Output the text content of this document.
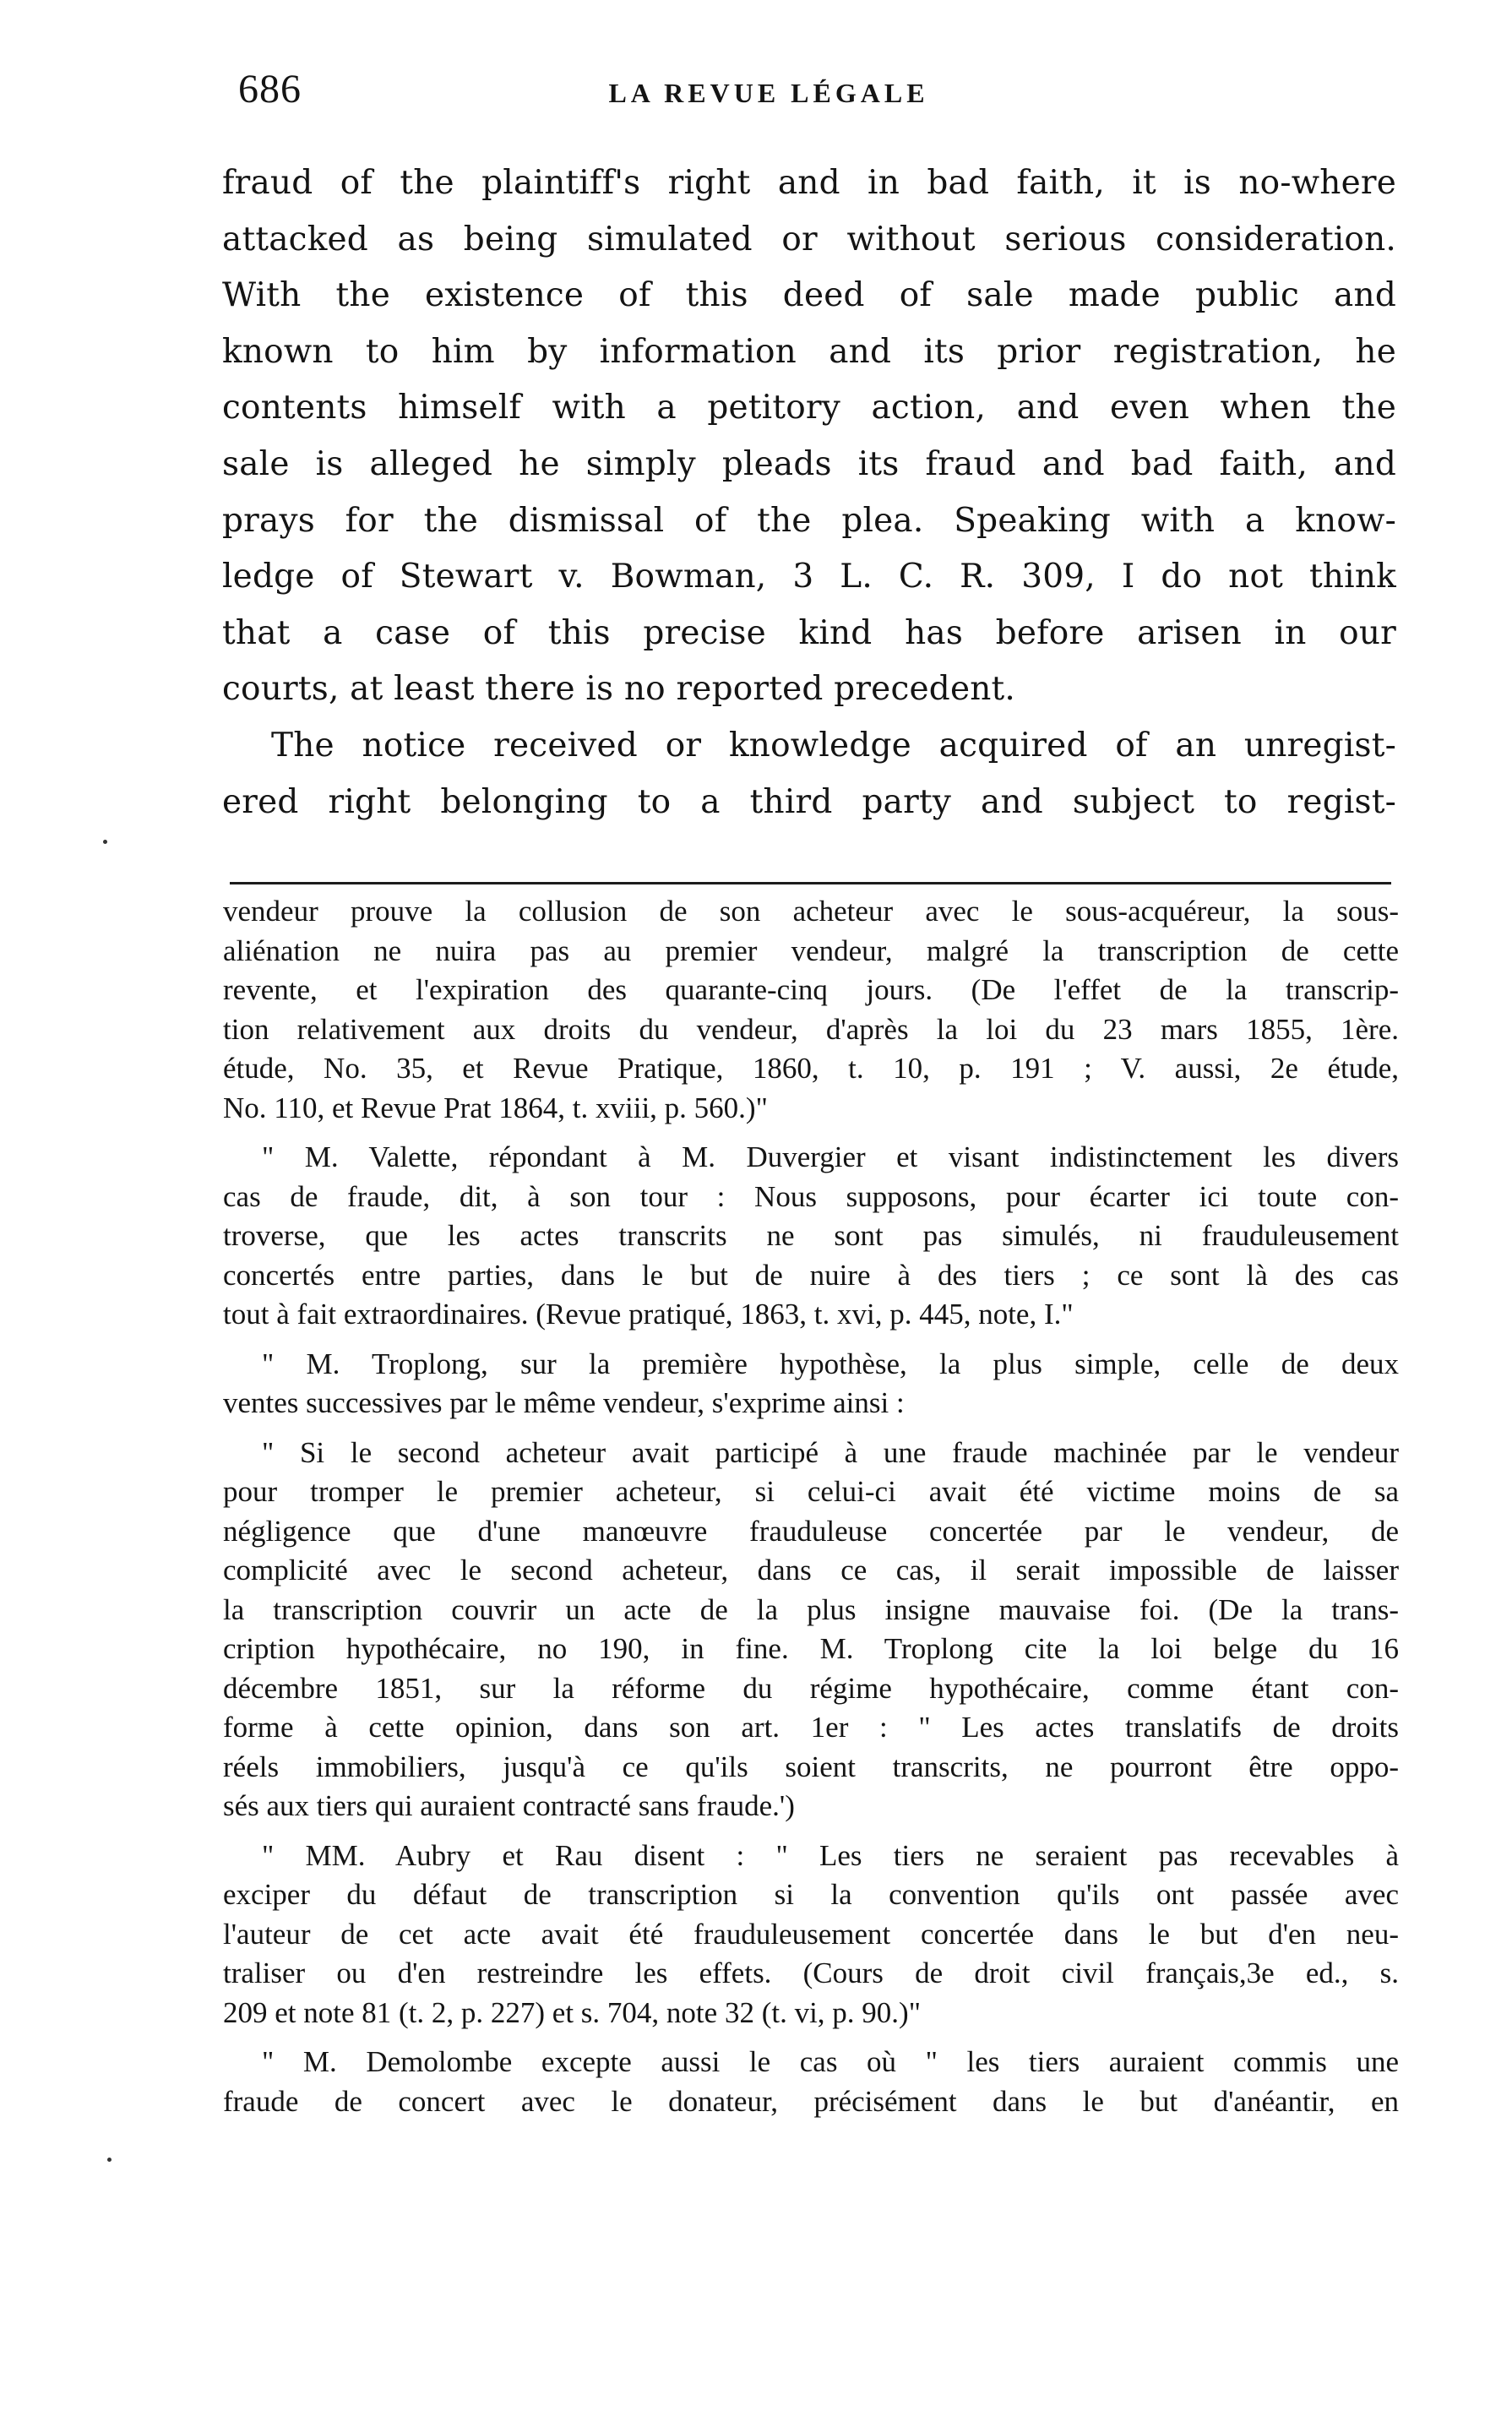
686	LA REVUE LÉGALE
fraud of the plaintiff's right and in bad faith, it is no-where
attacked as being simulated or without serious consideration.
With the existence of this deed of sale made public and
known to him by information and its prior registration, he
contents himself with a petitory action, and even when the
sale is alleged he simply pleads its fraud and bad faith, and
prays for the dismissal of the plea. Speaking with a know-
ledge of Stewart v. Bowman, 3 L. C. R. 309, I do not think
that a case of this precise kind has before arisen in our
courts, at least there is no reported precedent.
The notice received or knowledge acquired of an unregist-
ered right belonging to a third party and subject to regist-
vendeur prouve la collusion de son acheteur avec le sous-acquéreur, la sous-
aliénation ne nuira pas au premier vendeur, malgré la transcription de cette
revente, et l'expiration des quarante-cinq jours. (De l'effet de la transcrip-
tion relativement aux droits du vendeur, d'après la loi du 23 mars 1855, 1ère.
étude, No. 35, et Revue Pratique, 1860, t. 10, p. 191 ; V. aussi, 2e étude,
No. 110, et Revue Prat 1864, t. xviii, p. 560.)"
" M. Valette, répondant à M. Duvergier et visant indistinctement les divers
cas de fraude, dit, à son tour : Nous supposons, pour écarter ici toute con-
troverse, que les actes transcrits ne sont pas simulés, ni frauduleusement
concertés entre parties, dans le but de nuire à des tiers ; ce sont là des cas
tout à fait extraordinaires. (Revue pratiqué, 1863, t. xvi, p. 445, note, I."
" M. Troplong, sur la première hypothèse, la plus simple, celle de deux
ventes successives par le même vendeur, s'exprime ainsi :
" Si le second acheteur avait participé à une fraude machinée par le vendeur
pour tromper le premier acheteur, si celui-ci avait été victime moins de sa
négligence que d'une manœuvre frauduleuse concertée par le vendeur, de
complicité avec le second acheteur, dans ce cas, il serait impossible de laisser
la transcription couvrir un acte de la plus insigne mauvaise foi. (De la trans-
cription hypothécaire, no 190, in fine. M. Troplong cite la loi belge du 16
décembre 1851, sur la réforme du régime hypothécaire, comme étant con-
forme à cette opinion, dans son art. 1er : " Les actes translatifs de droits
réels immobiliers, jusqu'à ce qu'ils soient transcrits, ne pourront être oppo-
sés aux tiers qui auraient contracté sans fraude.')
" MM. Aubry et Rau disent : " Les tiers ne seraient pas recevables à
exciper du défaut de transcription si la convention qu'ils ont passée avec
l'auteur de cet acte avait été frauduleusement concertée dans le but d'en neu-
traliser ou d'en restreindre les effets. (Cours de droit civil français,3e ed., s.
209 et note 81 (t. 2, p. 227) et s. 704, note 32 (t. vi, p. 90.)"
" M. Demolombe excepte aussi le cas où " les tiers auraient commis une
fraude de concert avec le donateur, précisément dans le but d'anéantir, en
